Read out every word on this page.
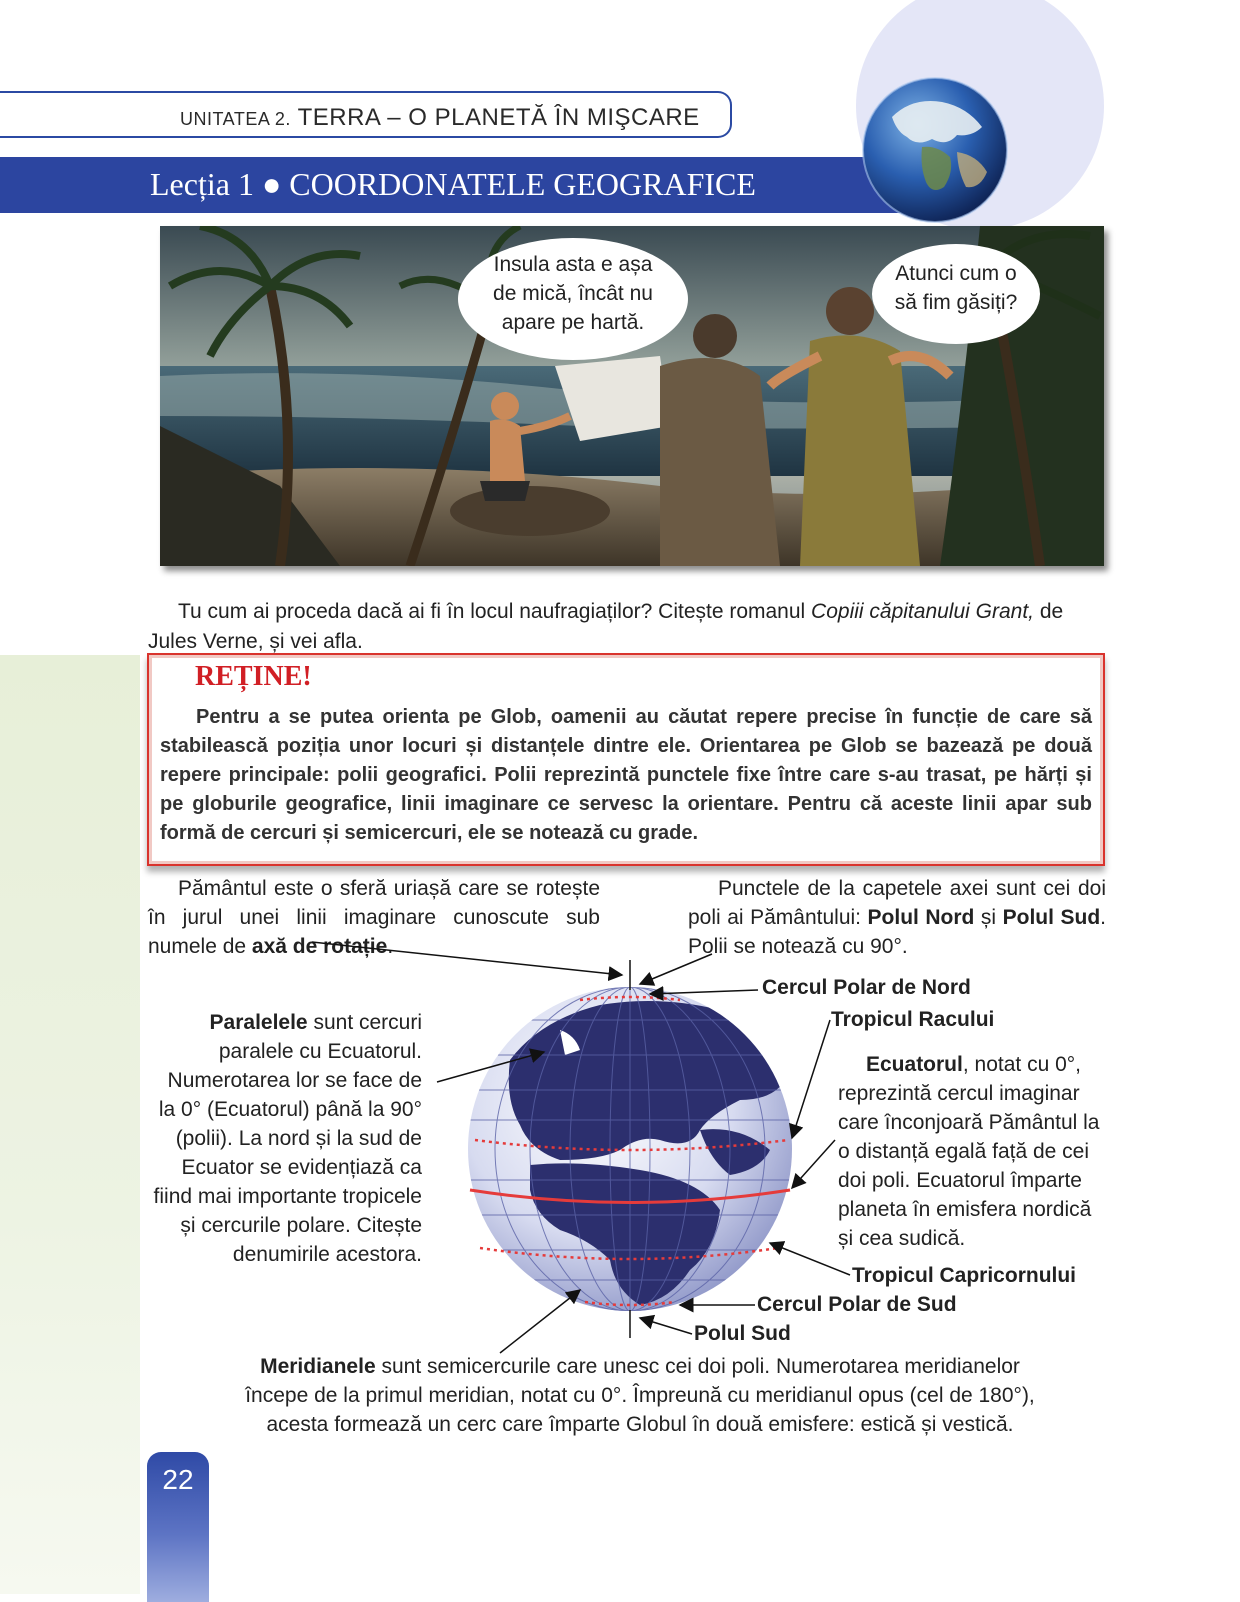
UNITATEA 2. TERRA – O PLANETĂ ÎN MIŞCARE
Lecția 1 ● COORDONATELE GEOGRAFICE
Insula asta e așa de mică, încât nu apare pe hartă.
Atunci cum o să fim găsiți?

Tu cum ai proceda dacă ai fi în locul naufragiaților? Citește romanul Copiii căpitanului Grant, de Jules Verne, și vei afla.

REȚINE!
Pentru a se putea orienta pe Glob, oamenii au căutat repere precise în funcție de care să stabilească poziția unor locuri și distanțele dintre ele. Orientarea pe Glob se bazează pe două repere principale: polii geografici. Polii reprezintă punctele fixe între care s-au trasat, pe hărți și pe globurile geografice, linii imaginare ce servesc la orientare. Pentru că aceste linii apar sub formă de cercuri și semicercuri, ele se notează cu grade.
Pământul este o sferă uriașă care se rotește în jurul unei linii imaginare cunoscute sub numele de axă de rotație.
Punctele de la capetele axei sunt cei doi poli ai Pământului: Polul Nord și Polul Sud. Polii se notează cu 90°.
Paralelele sunt cercuri paralele cu Ecuatorul. Numerotarea lor se face de la 0° (Ecuatorul) până la 90° (polii). La nord și la sud de Ecuator se evidențiază ca fiind mai importante tropicele și cercurile polare. Citește denumirile acestora.
Ecuatorul, notat cu 0°, reprezintă cercul imaginar care înconjoară Pământul la o distanță egală față de cei doi poli. Ecuatorul împarte planeta în emisfera nordică și cea sudică.
Cercul Polar de Nord
Tropicul Racului
Tropicul Capricornului
Cercul Polar de Sud
Polul Sud
Meridianele sunt semicercurile care unesc cei doi poli. Numerotarea meridianelor începe de la primul meridian, notat cu 0°. Împreună cu meridianul opus (cel de 180°), acesta formează un cerc care împarte Globul în două emisfere: estică și vestică.
22
